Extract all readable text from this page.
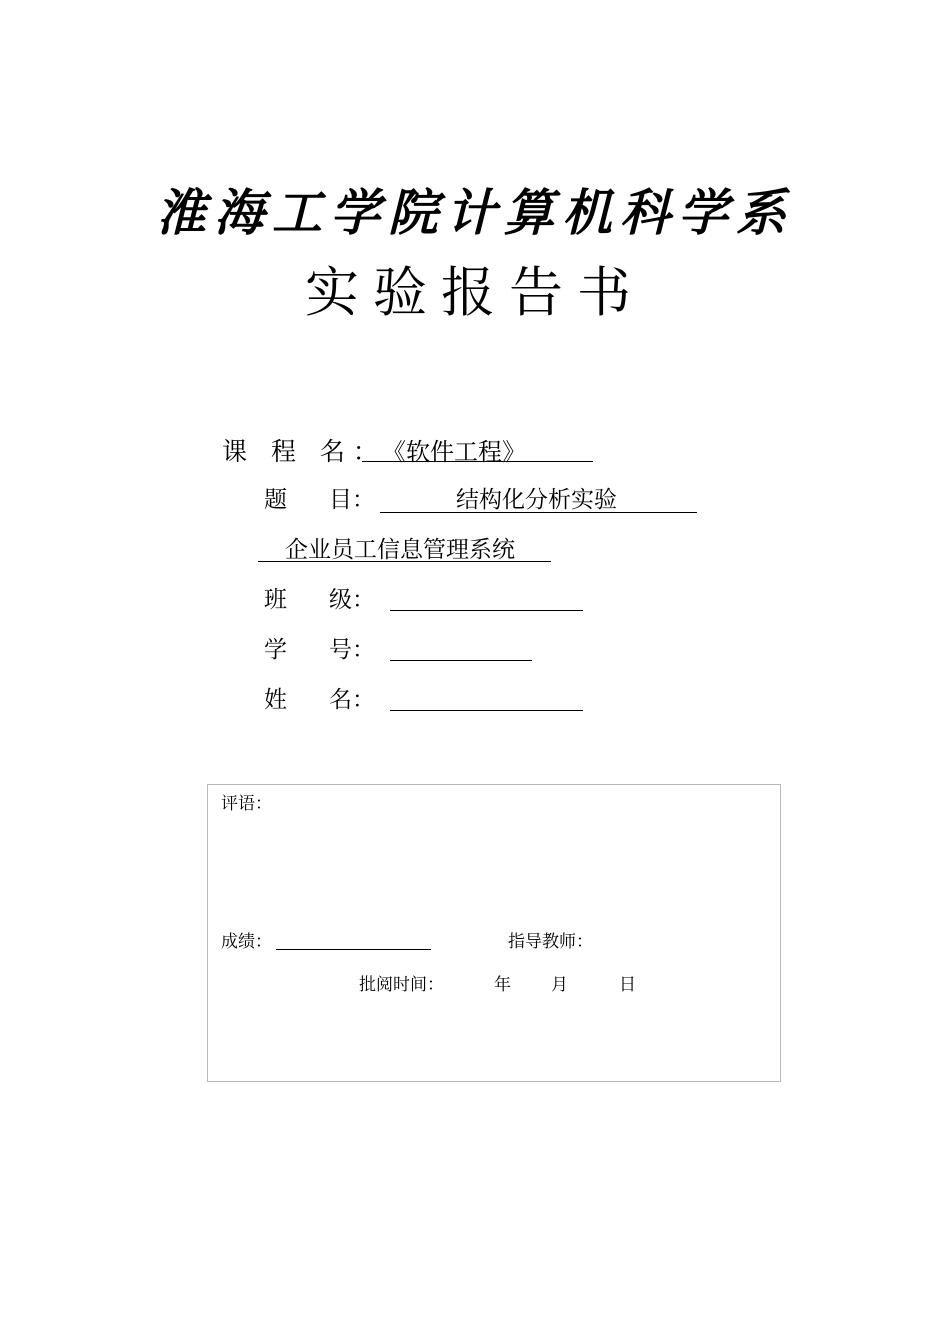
淮海工学院计算机科学系
实验报告书
课 程 名：
《软件工程》
题 目：	结构化分析实验
企业员工信息管理系统
班 级：
学 号：
姓 名：
评语：
成绩：	指导教师：
批阅时间：	年 月	日
